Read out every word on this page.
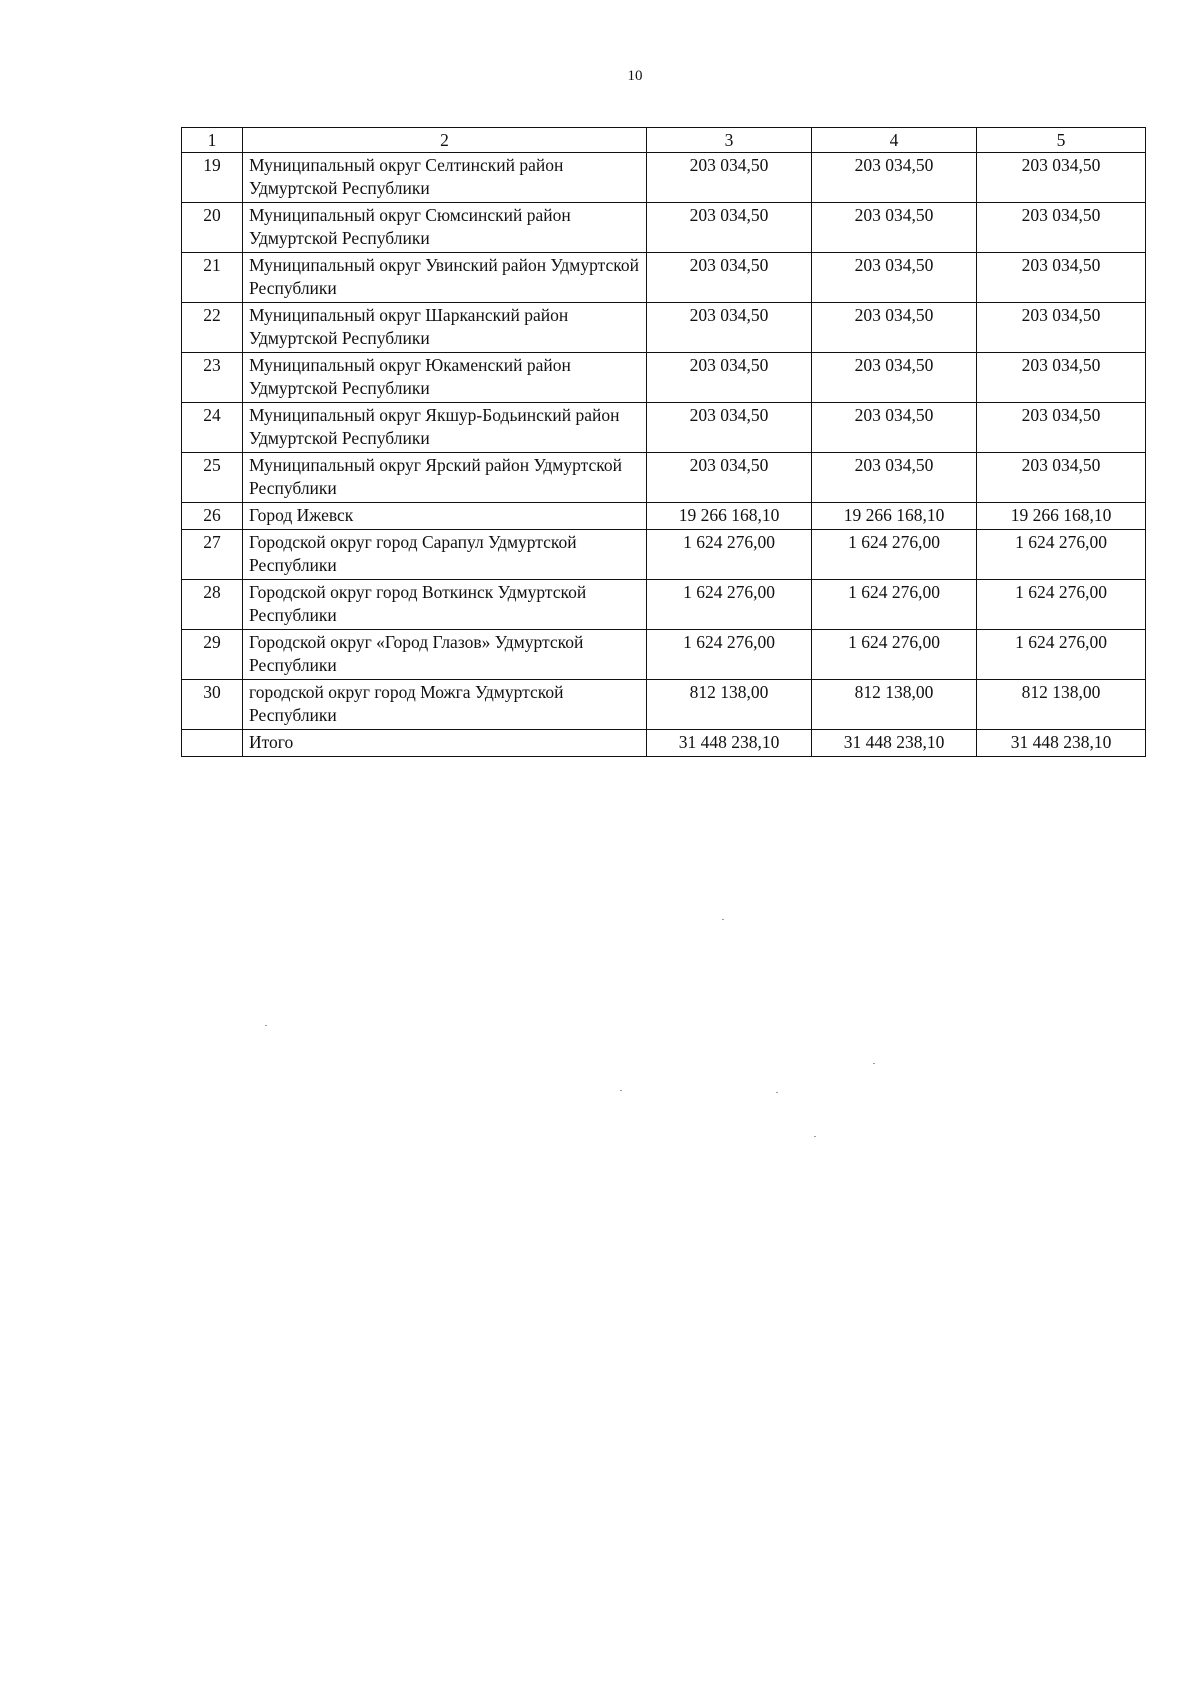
10
1	2	3	4	5
19	Муниципальный округ Селтинский район Удмуртской Республики	203 034,50	203 034,50	203 034,50
20	Муниципальный округ Сюмсинский район Удмуртской Республики	203 034,50	203 034,50	203 034,50
21	Муниципальный округ Увинский район Удмуртской Республики	203 034,50	203 034,50	203 034,50
22	Муниципальный округ Шарканский район Удмуртской Республики	203 034,50	203 034,50	203 034,50
23	Муниципальный округ Юкаменский район Удмуртской Республики	203 034,50	203 034,50	203 034,50
24	Муниципальный округ Якшур-Бодьинский район Удмуртской Республики	203 034,50	203 034,50	203 034,50
25	Муниципальный округ Ярский район Удмуртской Республики	203 034,50	203 034,50	203 034,50
26	Город Ижевск	19 266 168,10	19 266 168,10	19 266 168,10
27	Городской округ город Сарапул Удмуртской Республики	1 624 276,00	1 624 276,00	1 624 276,00
28	Городской округ город Воткинск Удмуртской Республики	1 624 276,00	1 624 276,00	1 624 276,00
29	Городской округ «Город Глазов» Удмуртской Республики	1 624 276,00	1 624 276,00	1 624 276,00
30	городской округ город Можга Удмуртской Республики	812 138,00	812 138,00	812 138,00
	Итого	31 448 238,10	31 448 238,10	31 448 238,10
